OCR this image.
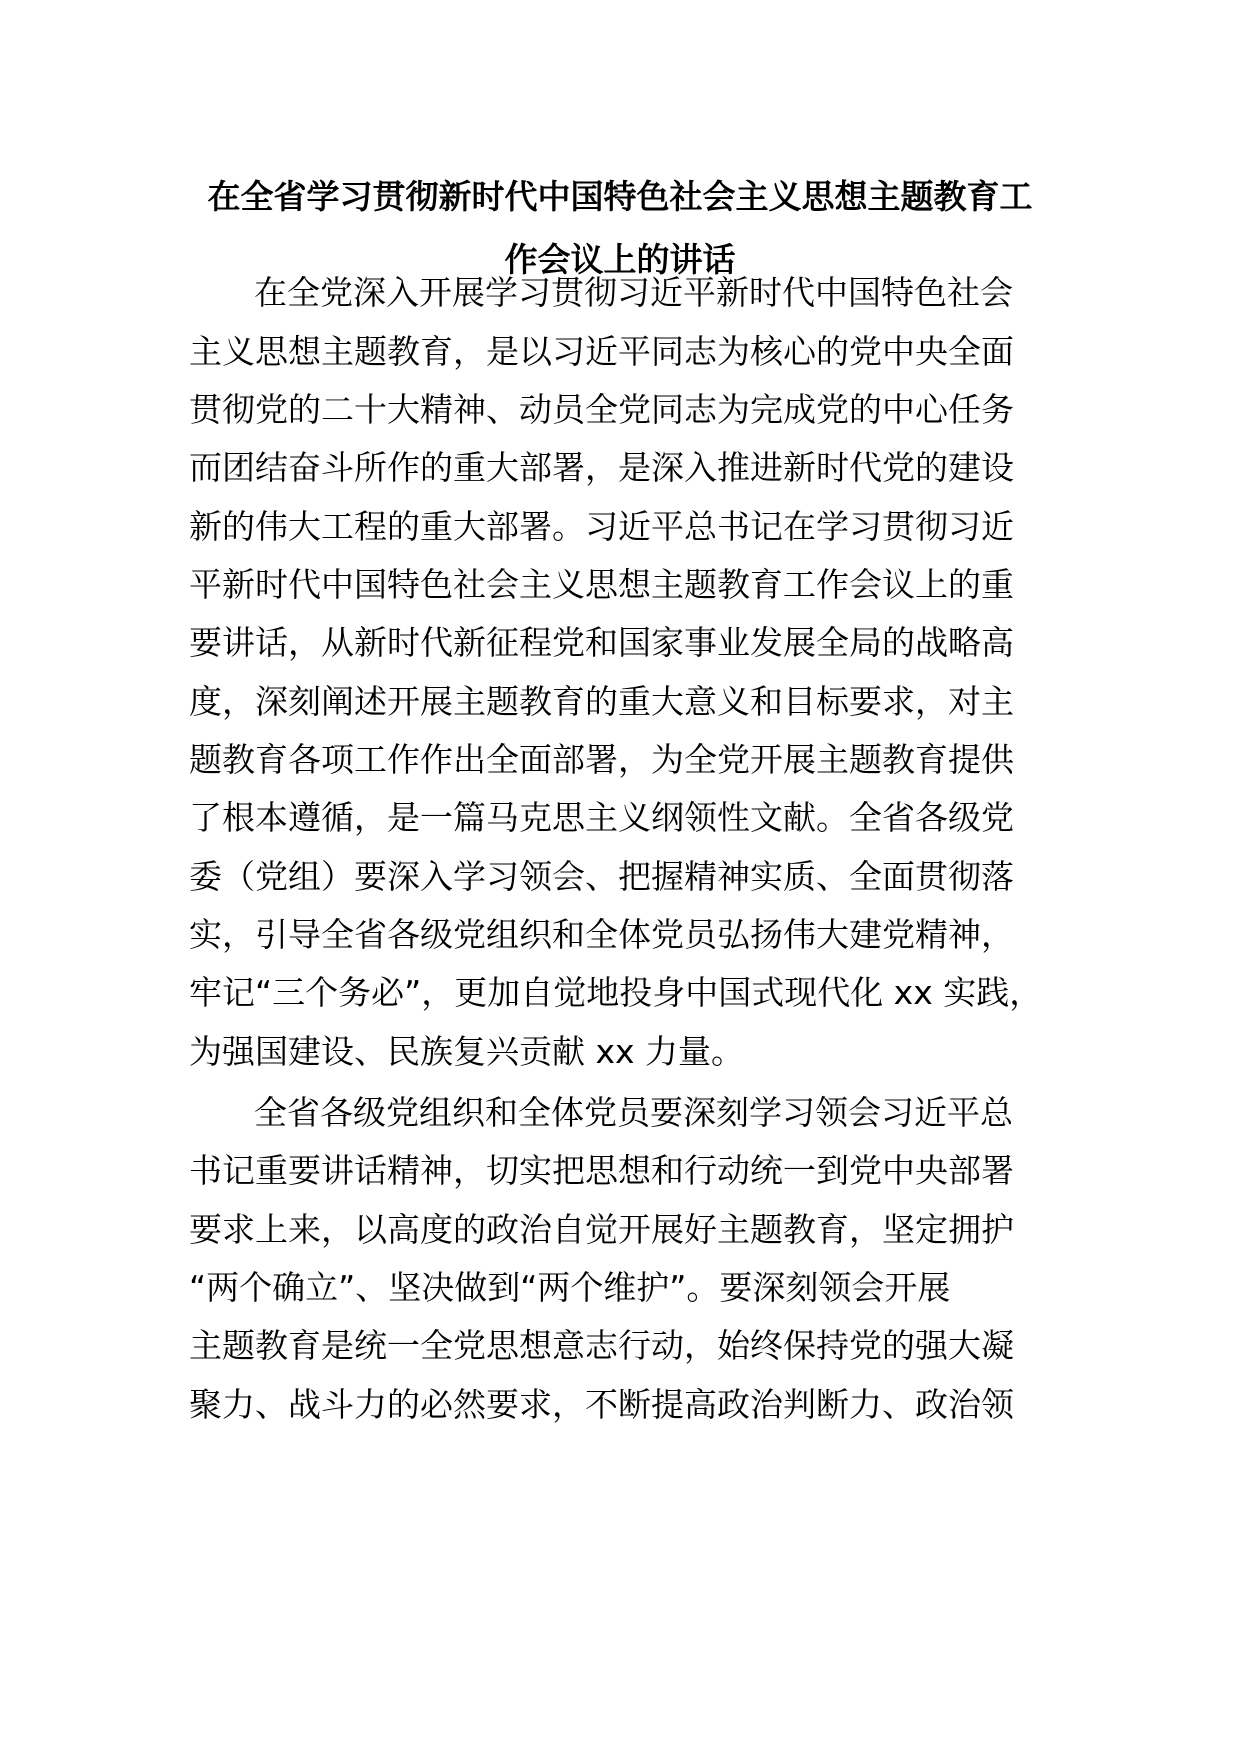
在全省学习贯彻新时代中国特色社会主义思想主题教育工
作会议上的讲话
在全党深入开展学习贯彻习近平新时代中国特色社会
主义思想主题教育，是以习近平同志为核心的党中央全面
贯彻党的二十大精神、动员全党同志为完成党的中心任务
而团结奋斗所作的重大部署，是深入推进新时代党的建设
新的伟大工程的重大部署。习近平总书记在学习贯彻习近
平新时代中国特色社会主义思想主题教育工作会议上的重
要讲话，从新时代新征程党和国家事业发展全局的战略高
度，深刻阐述开展主题教育的重大意义和目标要求，对主
题教育各项工作作出全面部署，为全党开展主题教育提供
了根本遵循，是一篇马克思主义纲领性文献。全省各级党
委（党组）要深入学习领会、把握精神实质、全面贯彻落
实，引导全省各级党组织和全体党员弘扬伟大建党精神，
牢记“三个务必”，更加自觉地投身中国式现代化 xx 实践，
为强国建设、民族复兴贡献 xx 力量。
全省各级党组织和全体党员要深刻学习领会习近平总
书记重要讲话精神，切实把思想和行动统一到党中央部署
要求上来，以高度的政治自觉开展好主题教育，坚定拥护
“两个确立”、坚决做到“两个维护”。要深刻领会开展
主题教育是统一全党思想意志行动，始终保持党的强大凝
聚力、战斗力的必然要求，不断提高政治判断力、政治领
